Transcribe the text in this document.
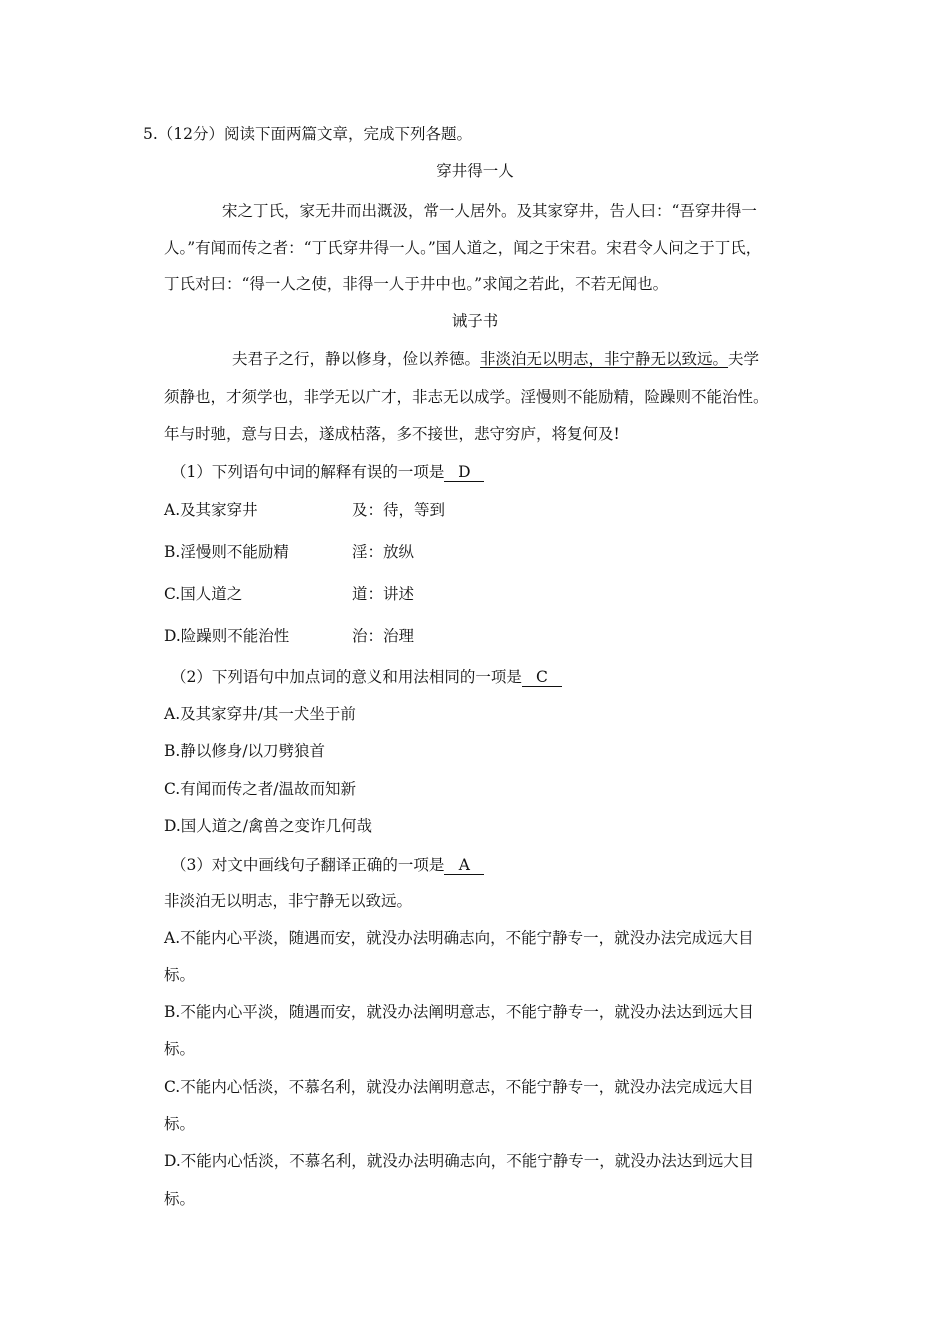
5.（12分）阅读下面两篇文章，完成下列各题。
穿井得一人
宋之丁氏，家无井而出溉汲，常一人居外。及其家穿井，告人曰：“吾穿井得一
人。”有闻而传之者：“丁氏穿井得一人。”国人道之，闻之于宋君。宋君令人问之于丁氏，
丁氏对曰：“得一人之使，非得一人于井中也。”求闻之若此，不若无闻也。
诫子书
夫君子之行，静以修身，俭以养德。非淡泊无以明志，非宁静无以致远。夫学
须静也，才须学也，非学无以广才，非志无以成学。淫慢则不能励精，险躁则不能治性。
年与时驰，意与日去，遂成枯落，多不接世，悲守穷庐，将复何及!
（1）下列语句中词的解释有误的一项是 D
A.及其家穿井	及：待，等到
B.淫慢则不能励精	淫：放纵
C.国人道之	道：讲述
D.险躁则不能治性	治：治理
（2）下列语句中加点词的意义和用法相同的一项是 C
A.及其家穿井/其一犬坐于前
B.静以修身/以刀劈狼首
C.有闻而传之者/温故而知新
D.国人道之/禽兽之变诈几何哉
（3）对文中画线句子翻译正确的一项是 A
非淡泊无以明志，非宁静无以致远。
A.不能内心平淡，随遇而安，就没办法明确志向，不能宁静专一，就没办法完成远大目
标。
B.不能内心平淡，随遇而安，就没办法阐明意志，不能宁静专一，就没办法达到远大目
标。
C.不能内心恬淡，不慕名利，就没办法阐明意志，不能宁静专一，就没办法完成远大目
标。
D.不能内心恬淡，不慕名利，就没办法明确志向，不能宁静专一，就没办法达到远大目
标。
